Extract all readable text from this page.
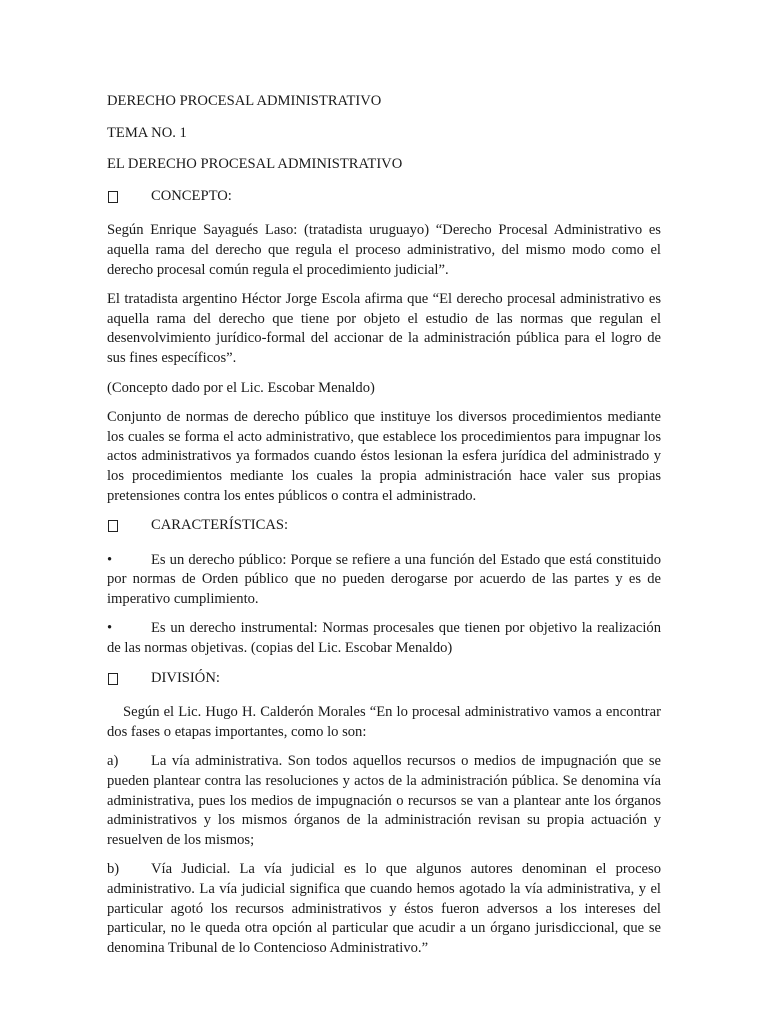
DERECHO PROCESAL ADMINISTRATIVO
TEMA NO. 1
EL DERECHO PROCESAL ADMINISTRATIVO
CONCEPTO:

Según Enrique Sayagués Laso: (tratadista uruguayo) “Derecho Procesal Administrativo es aquella rama del derecho que regula el proceso administrativo, del mismo modo como el derecho procesal común regula el procedimiento judicial”.

El tratadista argentino Héctor Jorge Escola afirma que “El derecho procesal administrativo es aquella rama del derecho que tiene por objeto el estudio de las normas que regulan el desenvolvimiento jurídico-formal del accionar de la administración pública para el logro de sus fines específicos”.

(Concepto dado por el Lic. Escobar Menaldo)

Conjunto de normas de derecho público que instituye los diversos procedimientos mediante los cuales se forma el acto administrativo, que establece los procedimientos para impugnar los actos administrativos ya formados cuando éstos lesionan la esfera jurídica del administrado y los procedimientos mediante los cuales la propia administración hace valer sus propias pretensiones contra los entes públicos o contra el administrado.

CARACTERÍSTICAS:

•	Es un derecho público: Porque se refiere a una función del Estado que está constituido por normas de Orden público que no pueden derogarse por acuerdo de las partes y es de imperativo cumplimiento.

•	Es un derecho instrumental: Normas procesales que tienen por objetivo la realización de las normas objetivas. (copias del Lic. Escobar Menaldo)

DIVISIÓN:

Según el Lic. Hugo H. Calderón Morales “En lo procesal administrativo vamos a encontrar dos fases o etapas importantes, como lo son:

a) La vía administrativa. Son todos aquellos recursos o medios de impugnación que se pueden plantear contra las resoluciones y actos de la administración pública. Se denomina vía administrativa, pues los medios de impugnación o recursos se van a plantear ante los órganos administrativos y los mismos órganos de la administración revisan su propia actuación y resuelven de los mismos;

b) Vía Judicial. La vía judicial es lo que algunos autores denominan el proceso administrativo. La vía judicial significa que cuando hemos agotado la vía administrativa, y el particular agotó los recursos administrativos y éstos fueron adversos a los intereses del particular, no le queda otra opción al particular que acudir a un órgano jurisdiccional, que se denomina Tribunal de lo Contencioso Administrativo.”
